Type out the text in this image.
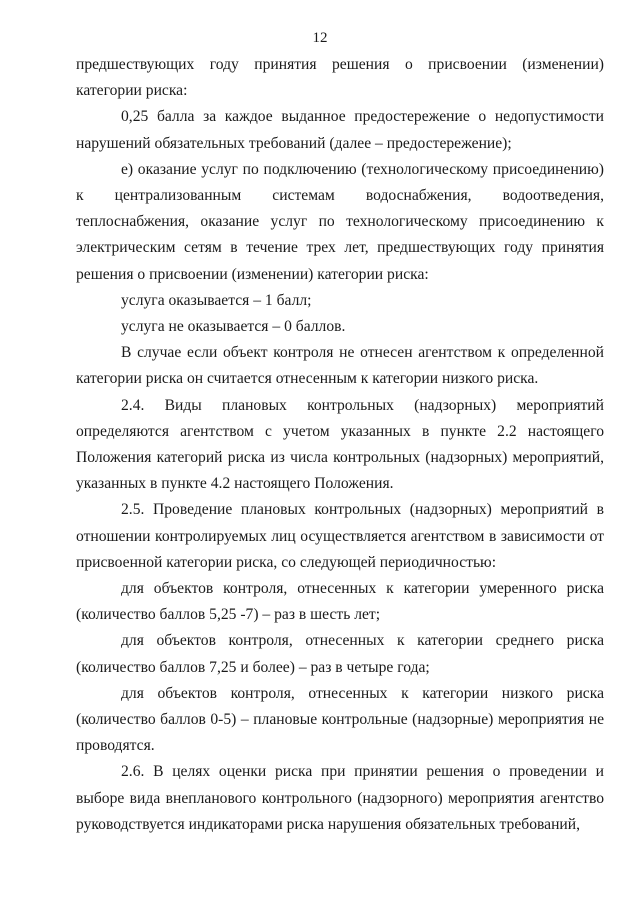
12

предшествующих году принятия решения о присвоении (изменении) категории риска:

0,25 балла за каждое выданное предостережение о недопустимости нарушений обязательных требований (далее – предостережение);

е) оказание услуг по подключению (технологическому присоединению) к централизованным системам водоснабжения, водоотведения, теплоснабжения, оказание услуг по технологическому присоединению к электрическим сетям в течение трех лет, предшествующих году принятия решения о присвоении (изменении) категории риска:

услуга оказывается – 1 балл;

услуга не оказывается – 0 баллов.

В случае если объект контроля не отнесен агентством к определенной категории риска он считается отнесенным к категории низкого риска.

2.4. Виды плановых контрольных (надзорных) мероприятий определяются агентством с учетом указанных в пункте 2.2 настоящего Положения категорий риска из числа контрольных (надзорных) мероприятий, указанных в пункте 4.2 настоящего Положения.

2.5. Проведение плановых контрольных (надзорных) мероприятий в отношении контролируемых лиц осуществляется агентством в зависимости от присвоенной категории риска, со следующей периодичностью:

для объектов контроля, отнесенных к категории умеренного риска (количество баллов 5,25 -7) – раз в шесть лет;

для объектов контроля, отнесенных к категории среднего риска (количество баллов 7,25 и более) – раз в четыре года;

для объектов контроля, отнесенных к категории низкого риска (количество баллов 0-5) – плановые контрольные (надзорные) мероприятия не проводятся.

2.6. В целях оценки риска при принятии решения о проведении и выборе вида внепланового контрольного (надзорного) мероприятия агентство руководствуется индикаторами риска нарушения обязательных требований,
